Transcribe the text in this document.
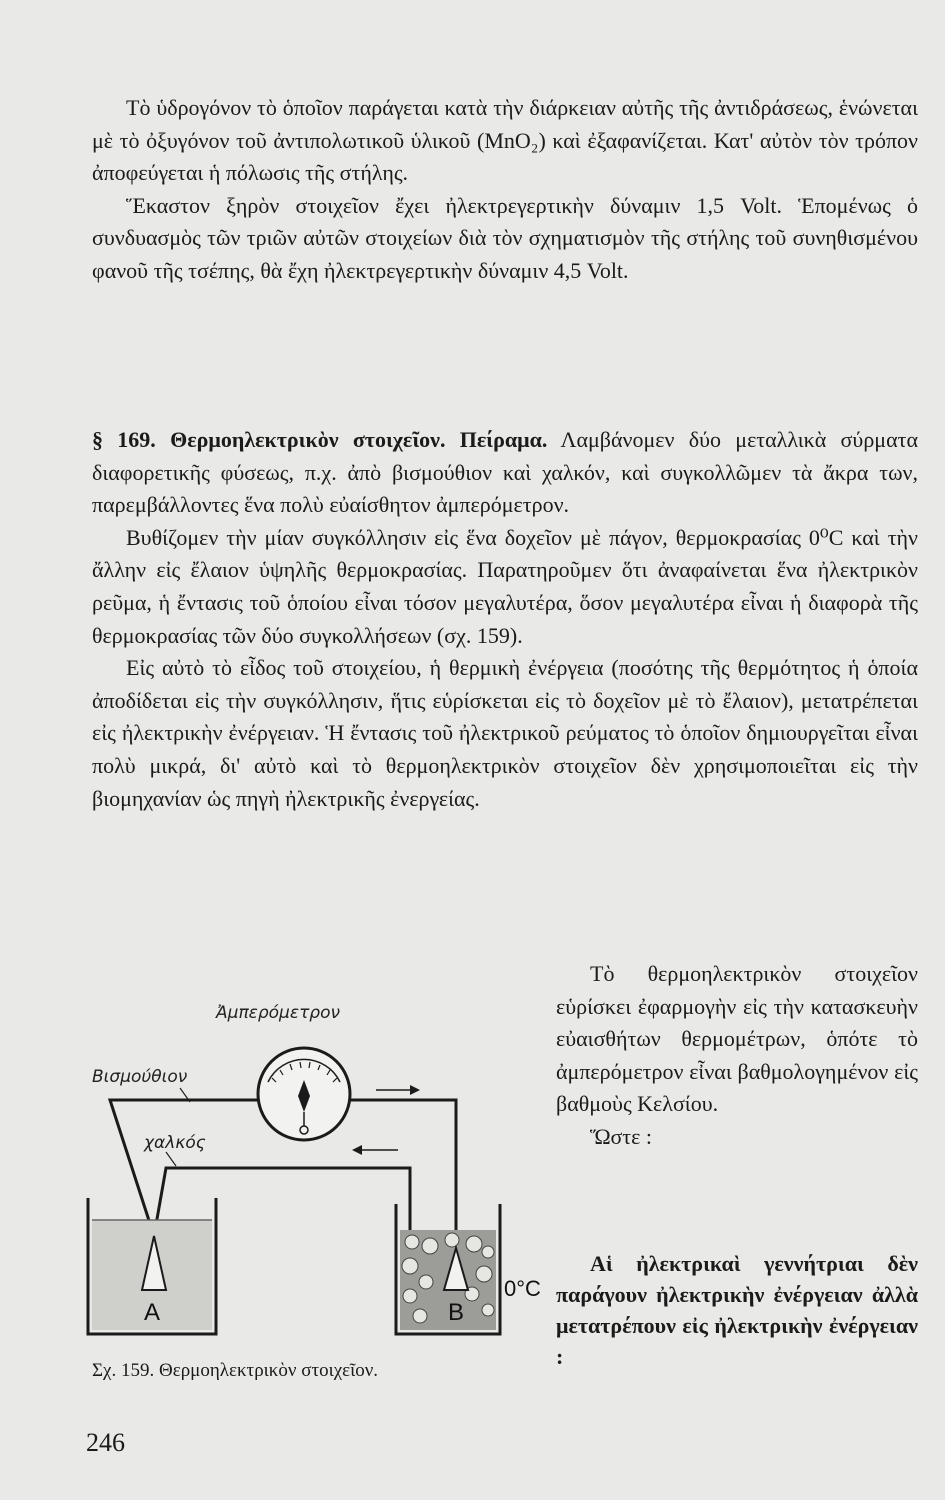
Τὸ ὑδρογόνον τὸ ὁποῖον παράγεται κατὰ τὴν διάρκειαν αὐτῆς τῆς ἀντιδράσεως, ἑνώνεται μὲ τὸ ὀξυγόνον τοῦ ἀντιπολωτικοῦ ὑλικοῦ (MnO₂) καὶ ἐξαφανίζεται. Κατ' αὐτὸν τὸν τρόπον ἀποφεύγεται ἡ πόλωσις τῆς στήλης.

Ἕκαστον ξηρὸν στοιχεῖον ἔχει ἠλεκτρεγερτικὴν δύναμιν 1,5 Volt. Ἑπομένως ὁ συνδυασμὸς τῶν τριῶν αὐτῶν στοιχείων διὰ τὸν σχηματισμὸν τῆς στήλης τοῦ συνηθισμένου φανοῦ τῆς τσέπης, θὰ ἔχη ἠλεκτρεγερτικὴν δύναμιν 4,5 Volt.

§ 169. Θερμοηλεκτρικὸν στοιχεῖον. Πείραμα. Λαμβάνομεν δύο μεταλλικὰ σύρματα διαφορετικῆς φύσεως, π.χ. ἀπὸ βισμούθιον καὶ χαλκόν, καὶ συγκολλῶμεν τὰ ἄκρα των, παρεμβάλλοντες ἕνα πολὺ εὐαίσθητον ἀμπερόμετρον.

Βυθίζομεν τὴν μίαν συγκόλλησιν εἰς ἕνα δοχεῖον μὲ πάγον, θερμοκρασίας 0⁰C καὶ τὴν ἄλλην εἰς ἔλαιον ὑψηλῆς θερμοκρασίας. Παρατηροῦμεν ὅτι ἀναφαίνεται ἕνα ἠλεκτρικὸν ρεῦμα, ἡ ἔντασις τοῦ ὁποίου εἶναι τόσον μεγαλυτέρα, ὅσον μεγαλυτέρα εἶναι ἡ διαφορὰ τῆς θερμοκρασίας τῶν δύο συγκολλήσεων (σχ. 159).

Εἰς αὐτὸ τὸ εἶδος τοῦ στοιχείου, ἡ θερμικὴ ἐνέργεια (ποσότης τῆς θερμότητος ἡ ὁποία ἀποδίδεται εἰς τὴν συγκόλλησιν, ἥτις εὑρίσκεται εἰς τὸ δοχεῖον μὲ τὸ ἔλαιον), μετατρέπεται εἰς ἠλεκτρικὴν ἐνέργειαν. Ἡ ἔντασις τοῦ ἠλεκτρικοῦ ρεύματος τὸ ὁποῖον δημιουργεῖται εἶναι πολὺ μικρά, δι' αὐτὸ καὶ τὸ θερμοηλεκτρικὸν στοιχεῖον δὲν χρησιμοποιεῖται εἰς τὴν βιομηχανίαν ὡς πηγὴ ἠλεκτρικῆς ἐνεργείας.

Τὸ θερμοηλεκτρικὸν στοιχεῖον εὑρίσκει ἐφαρμογὴν εἰς τὴν κατασκευὴν εὐαισθήτων θερμομέτρων, ὁπότε τὸ ἀμπερόμετρον εἶναι βαθμολογημένον εἰς βαθμοὺς Κελσίου.

Ὥστε :

Αἱ ἠλεκτρικαὶ γεννήτριαι δὲν παράγουν ἠλεκτρικὴν ἐνέργειαν ἀλλὰ μετατρέπουν εἰς ἠλεκτρικὴν ἐνέργειαν :

Ἀμπερόμετρον
Βισμούθιον
χαλκός
A	B
0°C
Σχ. 159. Θερμοηλεκτρικὸν στοιχεῖον.
246
